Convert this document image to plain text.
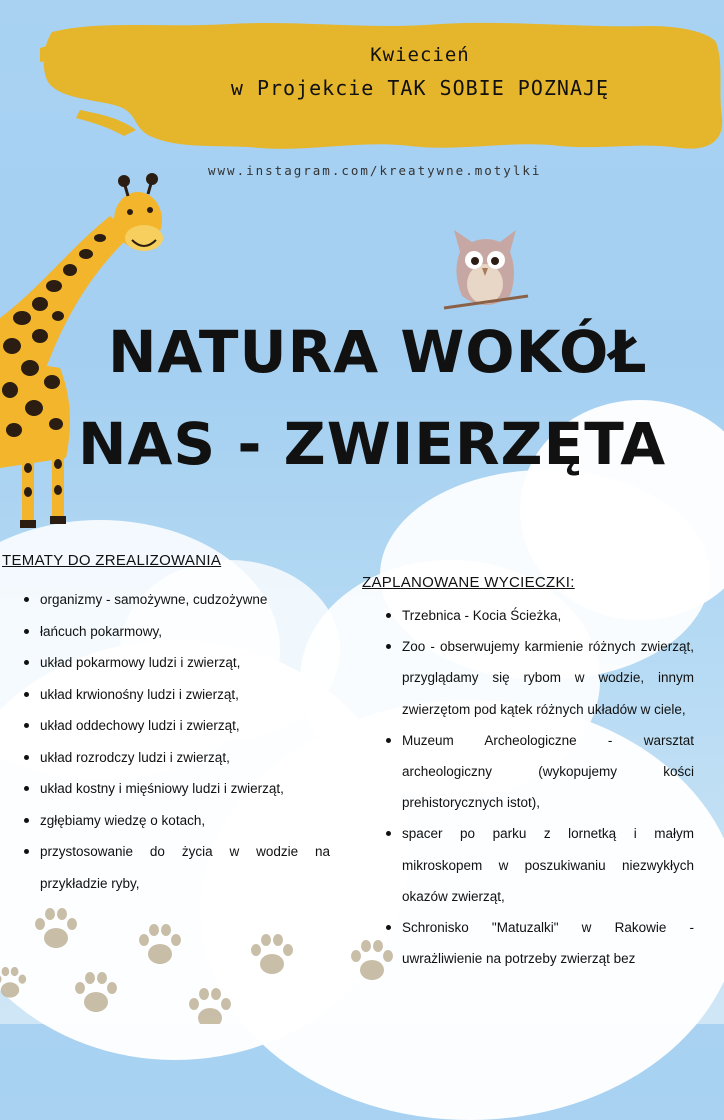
Kwiecień
w Projekcie TAK SOBIE POZNAJĘ
www.instagram.com/kreatywne.motylki
NATURA WOKÓŁ
NAS - ZWIERZĘTA
TEMATY DO ZREALIZOWANIA
organizmy - samożywne, cudzożywne
łańcuch pokarmowy,
układ pokarmowy ludzi i zwierząt,
układ krwionośny ludzi i zwierząt,
układ oddechowy ludzi i zwierząt,
układ rozrodczy ludzi i zwierząt,
układ kostny i mięśniowy ludzi i zwierząt,
zgłębiamy wiedzę o kotach,
przystosowanie do życia w wodzie na przykładzie ryby,
ZAPLANOWANE WYCIECZKI:
Trzebnica - Kocia Ścieżka,
Zoo - obserwujemy karmienie różnych zwierząt, przyglądamy się rybom w wodzie, innym zwierzętom pod kątek różnych układów w ciele,
Muzeum Archeologiczne - warsztat archeologiczny (wykopujemy kości prehistorycznych istot),
spacer po parku z lornetką i małym mikroskopem w poszukiwaniu niezwykłych okazów zwierząt,
Schronisko "Matuzalki" w Rakowie - uwrażliwienie na potrzeby zwierząt bez
